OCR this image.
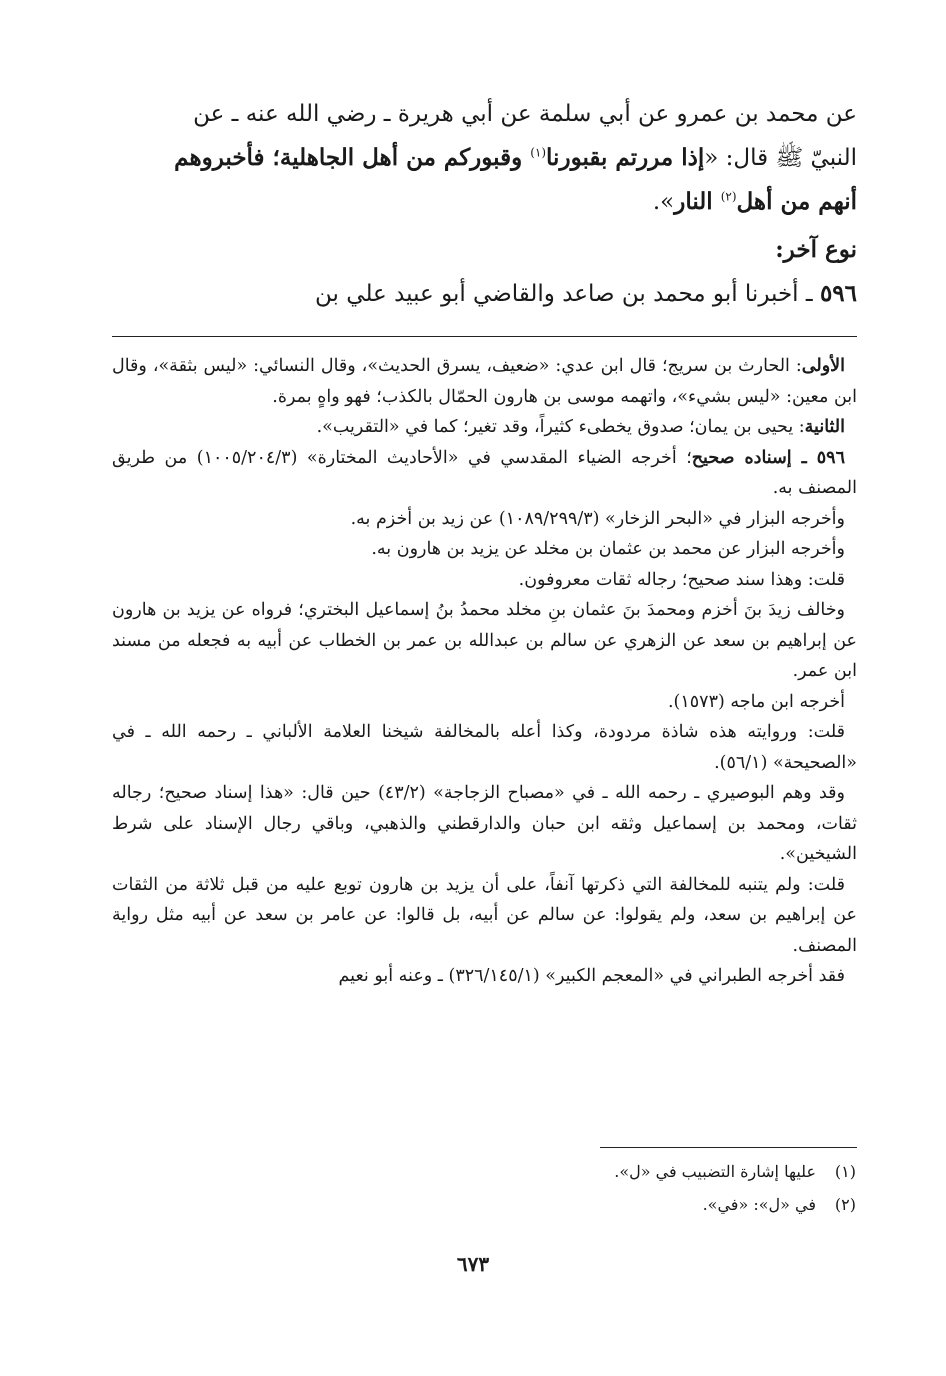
عن محمد بن عمرو عن أبي سلمة عن أبي هريرة ـ رضي الله عنه ـ عن

النبيّ ﷺ قال: «إذا مررتم بقبورنا$^{(١)}$ وقبوركم من أهل الجاهلية؛ فأخبروهم

أنهم من أهل$^{(٢)}$ النار».

نوع آخر:

٥٩٦ ـ أخبرنا أبو محمد بن صاعد والقاضي أبو عبيد علي بن

الأولى: الحارث بن سريج؛ قال ابن عدي: «ضعيف، يسرق الحديث»، وقال النسائي: «ليس بثقة»، وقال ابن معين: «ليس بشيء»، واتهمه موسى بن هارون الحمّال بالكذب؛ فهو واهٍ بمرة.

الثانية: يحيى بن يمان؛ صدوق يخطىء كثيراً، وقد تغير؛ كما في «التقريب».

٥٩٦ ـ إسناده صحيح؛ أخرجه الضياء المقدسي في «الأحاديث المختارة» (١٠٠٥/٢٠٤/٣) من طريق المصنف به.

وأخرجه البزار في «البحر الزخار» (١٠٨٩/٢٩٩/٣) عن زيد بن أخزم به.

وأخرجه البزار عن محمد بن عثمان بن مخلد عن يزيد بن هارون به.

قلت: وهذا سند صحيح؛ رجاله ثقات معروفون.

وخالف زيدَ بنَ أخزم ومحمدَ بنَ عثمان بنِ مخلد محمدُ بنُ إسماعيل البختري؛ فرواه عن يزيد بن هارون عن إبراهيم بن سعد عن الزهري عن سالم بن عبدالله بن عمر بن الخطاب عن أبيه به فجعله من مسند ابن عمر.

أخرجه ابن ماجه (١٥٧٣).

قلت: وروايته هذه شاذة مردودة، وكذا أعله بالمخالفة شيخنا العلامة الألباني ـ رحمه الله ـ في «الصحيحة» (٥٦/١).

وقد وهم البوصيري ـ رحمه الله ـ في «مصباح الزجاجة» (٤٣/٢) حين قال: «هذا إسناد صحيح؛ رجاله ثقات، ومحمد بن إسماعيل وثقه ابن حبان والدارقطني والذهبي، وباقي رجال الإسناد على شرط الشيخين».

قلت: ولم يتنبه للمخالفة التي ذكرتها آنفاً، على أن يزيد بن هارون توبع عليه من قبل ثلاثة من الثقات عن إبراهيم بن سعد، ولم يقولوا: عن سالم عن أبيه، بل قالوا: عن عامر بن سعد عن أبيه مثل رواية المصنف.

فقد أخرجه الطبراني في «المعجم الكبير» (٣٢٦/١٤٥/١) ـ وعنه أبو نعيم

(١)عليها إشارة التضبيب في «ل».
(٢)في «ل»: «في».
٦٧٣
